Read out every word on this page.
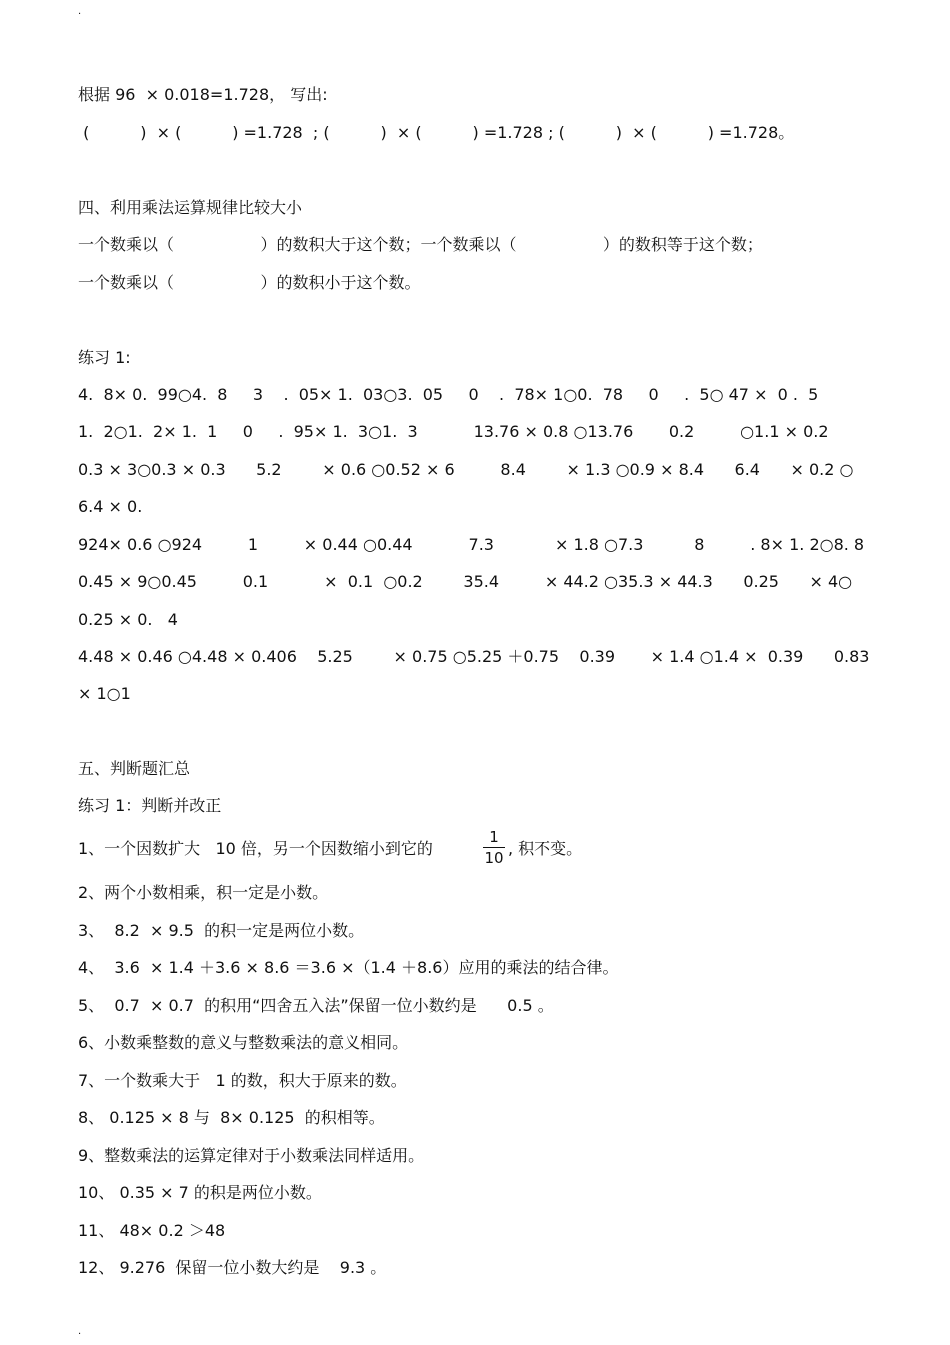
·
根据 96  × 0.018=1.728， 写出:
(          )  × (          ) =1.728  ; (          )  × (          ) =1.728 ; (          )  × (          ) =1.728。
四、利用乘法运算规律比较大小
一个数乘以（                 ）的数积大于这个数；一个数乘以（                 ）的数积等于这个数；
一个数乘以（                 ）的数积小于这个数。
练习 1:
4.  8× 0.  99○4.  8     3    .  05× 1.  03○3.  05     0    .  78× 1○0.  78     0     .  5○ 47 ×  0 .  5
1.  2○1.  2× 1.  1     0     .  95× 1.  3○1.  3           13.76 × 0.8 ○13.76       0.2         ○1.1 × 0.2
0.3 × 3○0.3 × 0.3      5.2        × 0.6 ○0.52 × 6         8.4        × 1.3 ○0.9 × 8.4      6.4      × 0.2 ○
6.4 × 0.
924× 0.6 ○924         1         × 0.44 ○0.44           7.3            × 1.8 ○7.3          8         . 8× 1. 2○8. 8
0.45 × 9○0.45         0.1           ×  0.1  ○0.2        35.4         × 44.2 ○35.3 × 44.3      0.25      × 4○
0.25 × 0.   4
4.48 × 0.46 ○4.48 × 0.406    5.25        × 0.75 ○5.25 ＋0.75    0.39       × 1.4 ○1.4 ×  0.39      0.83
× 1○1
五、判断题汇总
练习 1：判断并改正
1、一个因数扩大   10 倍，另一个因数缩小到它的
1
10 , 积不变。
2、两个小数相乘，积一定是小数。
3、  8.2  × 9.5  的积一定是两位小数。
4、  3.6  × 1.4 ＋3.6 × 8.6 ＝3.6 ×（1.4 ＋8.6）应用的乘法的结合律。
5、  0.7  × 0.7  的积用“四舍五入法”保留一位小数约是      0.5 。
6、小数乘整数的意义与整数乘法的意义相同。
7、一个数乘大于   1 的数，积大于原来的数。
8、 0.125 × 8 与  8× 0.125  的积相等。
9、整数乘法的运算定律对于小数乘法同样适用。
10、 0.35 × 7 的积是两位小数。
11、 48× 0.2 ＞48
12、 9.276  保留一位小数大约是    9.3 。
·
